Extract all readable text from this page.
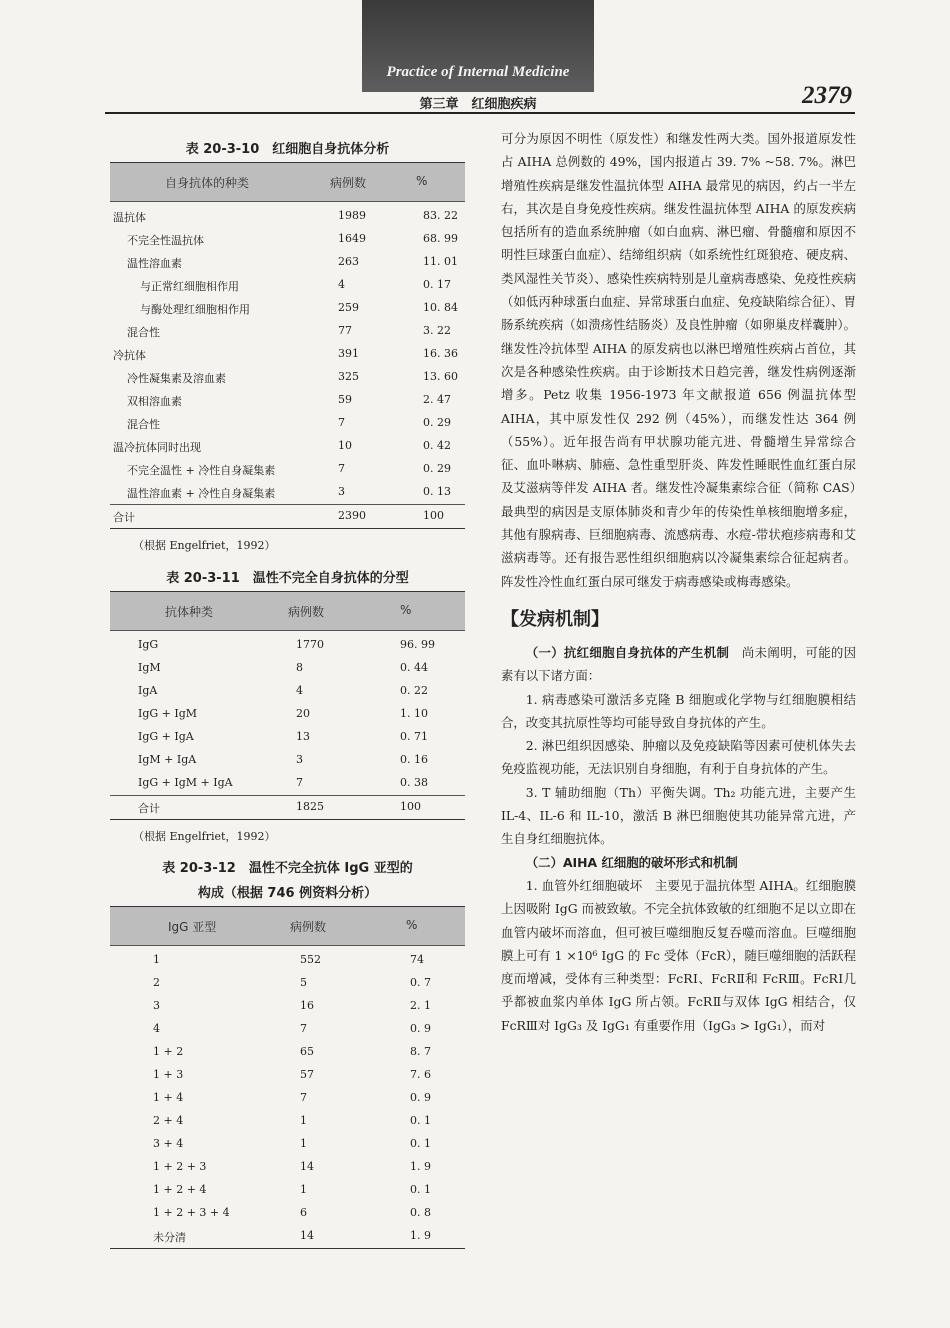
Practice of Internal Medicine
第三章　红细胞疾病	2379
表 20-3-10　红细胞自身抗体分析
自身抗体的种类	病例数	%
温抗体	1989	83. 22
不完全性温抗体	1649	68. 99
温性溶血素	263	11. 01
与正常红细胞相作用	4	0. 17
与酶处理红细胞相作用	259	10. 84
混合性	77	3. 22
冷抗体	391	16. 36
冷性凝集素及溶血素	325	13. 60
双相溶血素	59	2. 47
混合性	7	0. 29
温冷抗体同时出现	10	0. 42
不完全温性 + 冷性自身凝集素	7	0. 29
温性溶血素 + 冷性自身凝集素	3	0. 13
合计	2390	100
（根据 Engelfriet，1992）
表 20-3-11　温性不完全自身抗体的分型
抗体种类	病例数	%
IgG	1770	96. 99
IgM	8	0. 44
IgA	4	0. 22
IgG + IgM	20	1. 10
IgG + IgA	13	0. 71
IgM + IgA	3	0. 16
IgG + IgM + IgA	7	0. 38
合计	1825	100
（根据 Engelfriet，1992）
表 20-3-12　温性不完全抗体 IgG 亚型的
构成（根据 746 例资料分析）
IgG 亚型	病例数	%
1	552	74
2	5	0. 7
3	16	2. 1
4	7	0. 9
1 + 2	65	8. 7
1 + 3	57	7. 6
1 + 4	7	0. 9
2 + 4	1	0. 1
3 + 4	1	0. 1
1 + 2 + 3	14	1. 9
1 + 2 + 4	1	0. 1
1 + 2 + 3 + 4	6	0. 8
未分清	14	1. 9

可分为原因不明性（原发性）和继发性两大类。国外报道原发性占 AIHA 总例数的 49%，国内报道占 39. 7% ~58. 7%。淋巴增殖性疾病是继发性温抗体型 AIHA 最常见的病因，约占一半左右，其次是自身免疫性疾病。继发性温抗体型 AIHA 的原发疾病包括所有的造血系统肿瘤（如白血病、淋巴瘤、骨髓瘤和原因不明性巨球蛋白血症）、结缔组织病（如系统性红斑狼疮、硬皮病、类风湿性关节炎）、感染性疾病特别是儿童病毒感染、免疫性疾病（如低丙种球蛋白血症、异常球蛋白血症、免疫缺陷综合征）、胃肠系统疾病（如溃疡性结肠炎）及良性肿瘤（如卵巢皮样囊肿）。继发性冷抗体型 AIHA 的原发病也以淋巴增殖性疾病占首位，其次是各种感染性疾病。由于诊断技术日趋完善，继发性病例逐渐增多。Petz 收集 1956-1973 年文献报道 656 例温抗体型 AIHA，其中原发性仅 292 例（45%），而继发性达 364 例（55%）。近年报告尚有甲状腺功能亢进、骨髓增生异常综合征、血卟啉病、肺癌、急性重型肝炎、阵发性睡眠性血红蛋白尿及艾滋病等伴发 AIHA 者。继发性冷凝集素综合征（简称 CAS）最典型的病因是支原体肺炎和青少年的传染性单核细胞增多症，其他有腺病毒、巨细胞病毒、流感病毒、水痘-带状疱疹病毒和艾滋病毒等。还有报告恶性组织细胞病以冷凝集素综合征起病者。阵发性冷性血红蛋白尿可继发于病毒感染或梅毒感染。

【发病机制】

（一）抗红细胞自身抗体的产生机制　尚未阐明，可能的因素有以下诸方面：

1. 病毒感染可激活多克隆 B 细胞或化学物与红细胞膜相结合，改变其抗原性等均可能导致自身抗体的产生。

2. 淋巴组织因感染、肿瘤以及免疫缺陷等因素可使机体失去免疫监视功能，无法识别自身细胞，有利于自身抗体的产生。

3. T 辅助细胞（Th）平衡失调。Th₂ 功能亢进，主要产生 IL-4、IL-6 和 IL-10，激活 B 淋巴细胞使其功能异常亢进，产生自身红细胞抗体。

（二）AIHA 红细胞的破坏形式和机制

1. 血管外红细胞破坏　主要见于温抗体型 AIHA。红细胞膜上因吸附 IgG 而被致敏。不完全抗体致敏的红细胞不足以立即在血管内破坏而溶血，但可被巨噬细胞反复吞噬而溶血。巨噬细胞膜上可有 1 ×10⁶ IgG 的 Fc 受体（FcR），随巨噬细胞的活跃程度而增减，受体有三种类型：FcRⅠ、FcRⅡ和 FcRⅢ。FcRⅠ几乎都被血浆内单体 IgG 所占领。FcRⅡ与双体 IgG 相结合，仅 FcRⅢ对 IgG₃ 及 IgG₁ 有重要作用（IgG₃ > IgG₁），而对
